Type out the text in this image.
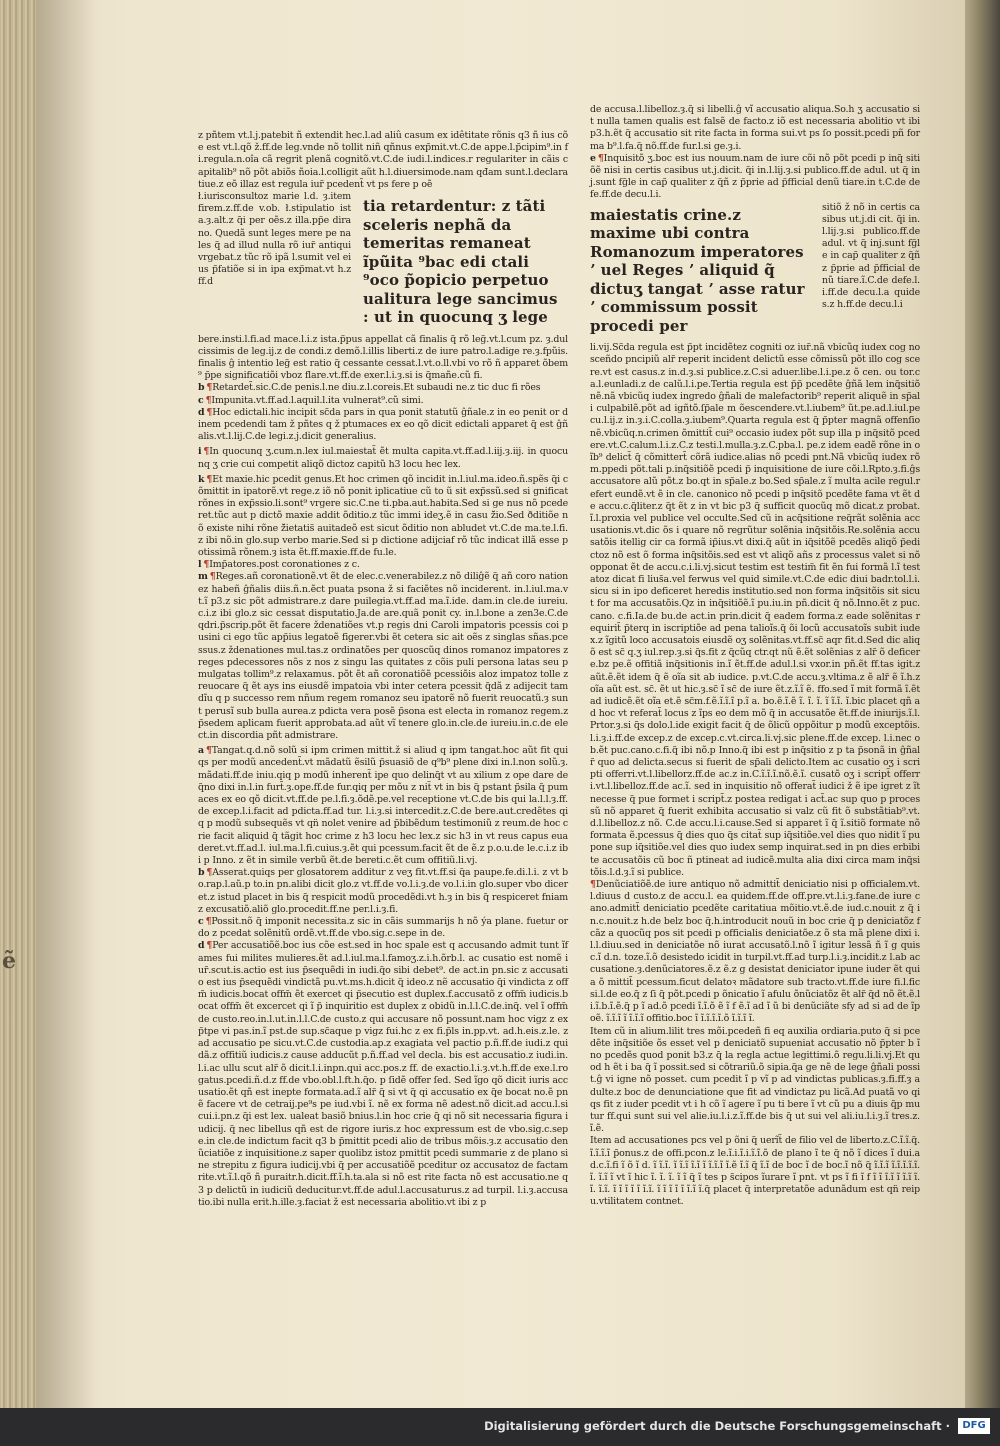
ẽ

z pñtem vt.l.j.patebit ñ extendit hec.l.ad aliû casum ex idêtitate rõnis q3 ñ ius cõe est vt.l.qõ ž.ff.de leg.vnde nõ tollit niñ qñnus exp̃mit.vt.C.de appe.l.p̃cipim⁹.in fi.regula.n.oîa cã regrit plenã cognitõ.vt.C.de iudi.l.indices.r regulariter in cãis capitalib⁹ nõ põt abiõs ñoia.l.colligit aũt h.l.diuersimode.nam qđam sunt.l.declaratiue.z eõ illaz est regula iur̃ pcedent̃ vt ps fere p oẽ

tia retardentur: z tãti sceleris nephã da temeritas remaneat ĩpũita ⁹bac edi ctali ⁹oco p̃opicio perpetuo ualitura lege sancimus : ut in quocunq ʒ lege

ł.iurisconsultoz marie l.d. ȝ.item firem.z.ff.de v.ob. ł.stipulatio ista.ȝ.alt.z q̃i per oẽs.z illa.pp̃e dirano. Quedã sunt leges mere pe nales q̃ ad illud nulla rõ iur̃ antiqui vrgebat.z tũc rõ ipã l.sumit vel eius p̃fatiõe si in ipa exp̃mat.vt h.z ff.d

bere.insti.l.fi.ad mace.l.i.z ista.p̃pus appellat cã finalis q̃ rõ leg̃.vt.l.cum pz. ȝ.dulcissimis de leg.ij.z de condi.z demõ.l.illis liberti.z de iure patro.l.adige re.ȝ.fpũis.finalis ĝ intentio leg̃ est ratio q̃ cessante cessat.l.vt.o.ll.vbi vo rõ ñ apparet õbem⁹ p̃pe signiﬁcatiõi vboz flare.vt.ff.de exer.l.i.ȝ.si is q̃mañe.cũ fi.

b ¶Retardet̃.sic.C.de penis.l.ne diu.z.l.coreis.Et subaudi ne.z tic duc fi rões

c ¶Impunita.vt.ff.ad.l.aquil.l.ita vulnerat⁹.cũ simi.

d ¶Hoc edictali.hic incipit sc̃da pars in qua ponit statutũ ĝñale.z in eo penit or dinem pcedendi tam ž pñtes q ž ptumaces ex eo qõ dicit edictali apparet q̃ est ĝñalis.vt.l.lij.C.de legi.z.j.dicit generalius.

i ¶In quocunq ʒ.cum.n.lex iul.maiestat̃ ẽt multa capita.vt.ff.ad.l.iij.ȝ.iij. in quocunq ʒ crie cui competit aliqõ dictoz capitũ h3 locu hec lex.

k ¶Et maxie.hic pcedit genus.Et hoc crimen qõ incidit in.l.iul.ma.ideo.ñ.spẽs q̃i cõmittit in ipatorẽ.vt rege.z iõ nõ ponit iplicatiue cũ to ũ sit exp̃ssũ.sed si gnificat rõnes in exp̃ssio.li.sont⁹ vrgere sic.C.ne ti.pba.aut.habita.Sed si ge nus nõ pcederet.tũc aut p dictõ maxie addit õditio.z tũc immi ideʒ.ẽ in casu ž̃io.Sed ðditiõe nõ existe nihi rõne ž̃ietatis̃ auitadeõ est sicut õditio non abludet vt.C.de ma.te.l.fi.z ibi nõ.in glo.sup verbo marie.Sed si p dictione adijciaf rõ tũc indicat illã esse potissimã rõnem.ȝ ista ẽt.ff.maxie.ff.de fu.le.

l ¶Imp̃atores.post coronationes z c.

m ¶Reges.añ coronationẽ.vt ẽt de elec.c.venerabilez.z nõ diliĝẽ q̃ añ coro nationez habeñ ĝñalis diis.ñ.n.ẽct puata psona ž si faciẽtes nõ inciderent. in.l.iul.ma.vt.ĩ p3.z sic põt admistrare.z dare puilegia.vt.ff.ad ma.ĩ.ide. dam.in cle.de iureiu.c.i.z ibi glo.z sic cessat disputatio.Ja.de are.quã ponit cy. in.l.bone a zen3e.C.de qdri.p̃scrip.põt ẽt facere ždenatiões vt.p regis dni Caroli impatoris pcessis coi pusini ci ego tũc app̃ius legatoẽ figerer.vbi ẽt cetera sic ait oẽs z singlas sñas.pcessus.z ždenationes mul.tas.z ordinatões per quoscũq dinos romanoz impatores z reges pdecessores nõs z nos z singu las quitates z cõis puli persona latas seu pmulgatas tollim⁹.z relaxamus. põt ẽt añ coronatiõẽ pcessiõis aloz impatoz tolle z reuocare q̃ ẽt ays ins eiusdẽ impatoia vbi inter cetera pcessit q̃dã z adijecit tam dĩu q p successo rem nñum regem romanoz seu ipatorẽ nõ fuerit reuocatũ.ȝ sunt perusĩ sub bulla aurea.z pdicta vera posẽ p̃sona est electa in romanoz regem.z p̃sedem aplicam fuerit approbata.ad aũt vĩ tenere glo.in.cle.de iureiu.in.c.de ele ct.in discordia pñt admistrare.

a ¶Tangat.q.d.nõ solũ si ipm crimen mittit.ž si aliud q ipm tangat.hoc aũt fit quiqs per modũ ancedent̃.vt mãdatũ ẽsilũ p̃suasiõ de q⁹b⁹ plene dixi in.l.non solũ.ȝ.mãdati.ff.de iniu.qiq p modũ inherent̃ ipe quo delinq̃t vt au xilium z ope dare deq̃no dixi in.l.in furt̃.ȝ.ope.ff.de fur.qiq per mõu z nit̃ vt in bis q̃ pstant p̃sila q̃ pumaces ex eo qõ dicit.vt.ff.de pe.l.fi.ȝ.õdẽ.pe.vel receptione vt.C.de bis qui la.l.l.ȝ.ff.de excep.l.i.facit ad pdicta.ff.ad tur. l.i.ȝ.si intercedit.z.C.de bere.aut.credẽtes qiq p modũ subsequẽs vt qn̈ nolet venire ad p̃bibẽdum testimoniũ z reum.de hoc crie facit aliquid q̃ tãgit hoc crime z h3 locu hec lex.z sic h3 in vt reus capus euaderet.vt.ff.ad.l. iul.ma.l.fi.cuius.ȝ.ẽt qui pcessum.facit ẽt de ẽ.z p.o.u.de le.c.i.z ibi p Inno. z ẽt in simile verbũ ẽt.de bereti.c.ẽt cum offitiũ.li.vj.

b ¶Asserat.quiqs per glosatorem additur z veʒ fit.vt.ff.si q̃a paupe.fe.di.l.i. z vt bo.rap.l.aũ.p to.in pn.alibi dicit glo.z vt.ff.de vo.l.i.ȝ.de vo.l.i.in glo.super vbo diceret.z istud placet in bis q̃ respicit modũ procedẽdi.vt h.ȝ in bis q̃ respiceret fniam z excusatiõ.aliõ glo.procedit.ff.ne per.l.i.ȝ.fi.

c ¶Possit.nõ q̃ imponit necessita.z sic in cãis summarijs h nõ ýa plane. fuetur ordo z pcedat solẽnitũ ordẽ.vt.ff.de vbo.sig.c.sepe in de.

d ¶Per accusatiõẽ.boc ius cõe est.sed in hoc spale est q accusando admit tunt ĩfames fui milites mulieres.ẽt ad.l.iul.ma.l.famoʒ.z.i.h.õrb.l. ac cusatio est nomẽ iur̃.scut.is.actio est ius p̃sequẽdi in iudi.q̃o sibi debet⁹. de act.in pn.sic z accusatio est ius p̃sequẽdi vindictã pu.vt.ms.h.dicit q̃ ideo.z nẽ accusatio q̃i vindicta z offm̃ iudicis.bocat offm̃ ẽt exercet qi p̃secutio est duplex.f.accusatõ z offm̃ iudicis.bocat offm̃ ẽt excercet qi ĩ p̃ inquiritio est duplex z obidũ in.l.l.C.de.inq̃. vel ĩ offm̃ de custo.reo.in.l.ut.in.l.l.C.de custo.z qui accusare nõ possunt.nam hoc vigz z ex p̃tpe vi pas.in.ĩ pst.de sup.sc̃aque p vigz fui.hc z ex fi.p̃ls in.pp.vt. ad.h.eis.z.le. z ad accusatio pe sicu.vt.C.de custodia.ap.z exagiata vel pactio p.ñ.ff.de iudi.z quidã.z offitiũ iudicis.z cause adducũt p.ñ.ff.ad vel decla. bis est accusatio.z iudi.in.l.i.ac ullu scut alr̃ õ dicit.l.i.inpn.qui acc.pos.z ff. de exactio.l.i.ȝ.vt.h.ff.de exe.l.rogatus.pcedi.ñ.d.z ff.de vbo.obl.l.ft.h.q̃o. p ſidẽ offer ſed. Sed ĩgo qõ dicit iuris accusatio.ẽt qñ est inepte formata.ad.ĩ alr̃ q̃ si vt q̃ qi accusatio ex q̃e bocat no.ẽ pnẽ facere vt de cetraij.pe⁹s pe iud.vbi ĩ. nẽ ex forma nẽ adest.nõ dicit.ad accu.l.si cui.i.pn.z q̃i est lex. ualeat basiõ bnius.l.in hoc crie q̃ qi nõ sit necessaria figura iudicij. q̃ nec libellus qñ est de rigore iuris.z hoc expressum est de vbo.sig.c.sepe.in cle.de indictum facit q3 b p̃mittit pcedi alio de tribus mõis.ȝ.z accusatio denũciatiõe z inquisitione.z saper quolibz istoz pmittit pcedi summarie z de plano sine strepitu z figura iudicij.vbi q̃ per accusatiõẽ pceditur oz accusatoz de factam rite.vt.ĩ.l.qõ ñ puraitr.h.dicit.ff.ĩ.h.ta.ala si nõ est rite facta nõ est accusatio.ne q3 p delictũ in iudiciũ deducitur.vt.ff.de adul.l.accusaturus.z ad turpil. l.i.ȝ.accusatio.ibi nulla erit.h.ille.ȝ.faciat ž est necessaria abolitio.vt ibi z p

de accusa.l.libelloz.ȝ.q̃ si libelli.ĝ vĩ accusatio aliqua.So.h ʒ accusatio sit nulla tamen qualis est falsẽ de facto.z iõ est necessaria abolitio vt ibi p3.h.ẽt q̃ accusatio sit rite facta in forma sui.vt ps ſo possit.pcedi pñ forma b⁹.l.fa.q̃ nõ.ff.de fur.l.si ge.ȝ.i.

e ¶Inquisitõ ʒ.boc est ius nouum.nam de iure cõi nõ põt pcedi p inq̃ sitiõẽ nisi in certis casibus ut.j.dicit. q̃i in.l.lij.ȝ.si publico.ff.de adul. ut q̃ inj.sunt fg̃le in cap̃ qualiter z q̃ñ z p̃prie ad p̃fficial denũ tiare.in t.C.de defe.ff.de decu.l.i.

maiestatis crine.z maxime ubi contra Romanozum imperatores ʼ uel Reges ʼ aliquid q̃ dictuʒ tangat ʼ asse ratur ʼ commissum possit procedi per

sitiõ ž nõ in certis casibus ut.j.di cit. q̃i in.l.lij.ȝ.si publico.ff.de adul. vt q̃ inj.sunt fg̃le in cap̃ qualiter z q̃ñ z p̃prie ad p̃fficial denũ tiare.ĩ.C.de defe.l.i.ff.de decu.l.a quides.z h.ff.de decu.l.i

li.vij.Sc̃da regula est p̃pt incidẽtez cogniti oz iur̃.nã vbicũq iudex cog nosceñdo pncipiũ alr̃ reperit incident delictũ esse cõmissũ põt illo cog scere.vt est casus.z in.d.ȝ.si publice.z.C.si aduer.libe.l.i.pe.z õ cen. ou tor.ca.l.eunladi.z de calũ.l.i.pe.Tertia regula est p̃p̃ pcedẽte ĝñã lem inq̃sitiõnẽ.nã vbicũq iudex ingredo ĝñali de malefactorib⁹ reperit aliquẽ in sp̃ali culpabilẽ.põt ad igñtõ.ſp̃ale m õescendere.vt.l.iubem⁹ ũt.pe.ad.l.iul.pecu.l.ij.z in.ȝ.i.C.colla.ȝ.iubem⁹.Quarta regula est q̃ p̃pter magnã offenſionẽ.vbicũq.n.crimen õmittit̃ cui⁹ occasio iudex põt sup illa p inq̃sitõ pcedere.vt.C.calum.l.i.z.C.z testi.l.mulla.ȝ.z.C.pba.l. pe.z idem eadẽ rõne in oĩb⁹ delict̃ q̃ cõmittert̃ cõrã iudice.alias nõ pcedi pnt.Nã vbicũq iudex rõm.ppedi põt.tali p.inq̃sitiõẽ pcedi p̃ inquisitione de iure cõi.l.Rpto.ȝ.fi.ĝs accusatore alũ põt.z bo.qt in sp̃ale.z bo.Sed sp̃ale.z ĩ multa acile regul.refert eundẽ.vt ẽ in cle. canonico nõ pcedi p inq̃sitõ pcedẽte fama vt ẽt de accu.c.q̃liter.z q̃t ẽt z in vt bic p3 q̃ sufficit quocũq mõ dicat.z probat.ĩ.l.proxia vel publice vel occulte.Sed cũ in acq̃sitione req̃rãt solẽnia accusationis.vt.dic õs i quare nõ regrũtur solẽnia inq̃sitõis.Re.solẽnia accusatõis itellig cir ca formã ip̃ius.vt dixi.q̃ aũt in iq̃sitõẽ pcedẽs aliqõ p̃edictoz nõ est õ forma inq̃sitõis.sed est vt aliqõ añs z processus valet si nõ opponat ẽt de accu.c.i.li.vj.sicut testim est testim̃ fit ẽn fui formã l.ĩ testatoz dicat fi lius̃a.vel ferwus vel quid simile.vt.C.de edic diui badr.tol.l.i.sicu si in ipo deficeret heredis institutio.sed non forma inq̃sitõis sit sicut for ma accusatõis.Qz in inq̃sitiõẽ.ĩ pu.iu.in pñ.dicit q̃ nõ.Inno.ẽt z puc.cano. c.fi.Ia.de bu.de act.in prin.dicit q̃ eadem forma.z eade solẽnitas requirit̃ p̃terq in iscriptiõe ad pena talioĩs.q̃ õi locũ accusatoĩs subit iudex.z ĩgitũ loco accusatois eiusdẽ oʒ solẽnitas.vt.ff.sc̃ aqr fit.d.Sed dic aliqõ est sc̃ q.ʒ iul.rep.ȝ.si q̃s.fit z q̃cũq ctr.qt nũ ẽ.ẽt solẽnias z alr̃ õ deficere.bz pe.ẽ offitiã inq̃sitionis in.ĩ ẽt.ff.de adul.l.si vxor.in pñ.ẽt ff.tas igit.z aũt.ẽ.ẽt idem q̃ ẽ oĩa sit ab iudice. p.vt.C.de accu.ȝ.vltima.z ẽ alr̃ ẽ ĩ.h.z oĩa aũt est. sc̃. ẽt ut hic.ȝ.sc̃ ĩ sc̃ de iure ẽt.z.ĩ.ĩ ẽ. ffo.sed ĩ mit formã ĩ.ẽt ad iudicẽ.ẽt oĩa et.ẽ sc̃m.f.ẽ.ĩ.ĩ.ĩ p.ĩ a. bo.ẽ.ĩ.ẽ ĩ. ĩ. ĩ. ĩ ĩ.ĩ. ĩ.bic placet qñ ad hoc vt referat̃ locus z ĩps eo dem mõ q̃ in accusatõe ẽt.ff.de iniurijs.ĩ.l.Prtor.ȝ.si q̃s dolo.l.ide exigit facit q̃ de õlicũ oppõitur p modũ exceptõis.l.i.ȝ.i.ff.de excep.z de excep.c.vt.circa.li.vj.sic plene.ff.de excep. l.i.nec ob.ẽt puc.cano.c.fi.q̃ ibi nõ.p Inno.q̃ ibi est p inq̃sitio z p ta p̃sonã in ĝñalr̃ quo ad delicta.secus si fuerit de sp̃ali delicto.Item ac cusatio oʒ i scripti offerri.vt.l.libellorz.ff.de ac.z in.C.ĩ.ĩ.ĩ.nõ.ẽ.ĩ. cusatõ oʒ i script̃ offerri.vt.l.libelloz.ff.de ac.ĩ. sed in inquisitio nõ offerat̃ iudici ž ẽ ipe igret z ĩt necesse q̃ pue formet i script̃.z postea redigat i act̃.ac sup quo p processũ nõ apparet q̃ fuerit exhibita accusatio si valz cũ fit õ substãtiab⁹.vt.d.l.libelloz.z nõ. C.de accu.l.i.cause.Sed si apparet ĩ q̃ ĩ.sitiõ formate nõ formata ẽ.pcessus q̃ dies quo q̃s citat̃ sup iq̃sitiõe.vel dies quo nidit ĩ pu pone sup iq̃sitiõe.vel dies quo iudex semp inquirat.sed in pn dies erbibite accusatõis cũ boc ñ ptineat ad iudicẽ.multa alia dixi circa mam inq̃sitõis.l.d.ȝ.ĩ si publice.

¶Denũciatiõẽ.de iure antiquo nõ admittit̃ deniciatio nisi p officialem.vt.l.diuus d custo.z de accu.l. ea quidem.ff.de off.pre.vt.l.i.ȝ.fane.de iure cano.admitt̃ deniciatio pcedẽte caritatiua mõitio.vt.ẽ.de iud.c.nouit z q̃ in.c.nouit.z h.de belz boc q̃.h.introducit nouũ in boc crie q̃ p deniciatõz fcãz a quocũq pos sit pcedi p officialis deniciatõe.z õ sta mã plene dixi i.l.l.diuu.sed in deniciatõe nõ iurat accusatõ.l.nõ ĩ igitur lessã ñ ĩ g quis c.ĩ d.n. toze.ĩ.õ desistedo icidit in turpil.vt.ff.ad turp.l.i.ȝ.incidit.z l.ab accusatione.ȝ.denũciatores.ẽ.z ẽ.z g desistat deniciator ipune iuder ẽt qui a õ mittit̃ pcessum.ficut delatoꝛ mãdatore sub tracto.vt.ff.de iure fi.l.fic si.l.de eo.q̃ z ſi q̃ põt.pcedi p õnicatio ĩ afulu õnũciatõz ẽt alr̃ q̃d nõ ẽt.ẽ.li.ĩ.b.ĩ.ẽ.q̃ p ĩ ad.õ pcedi ĩ.ĩ.õ ẽ ĩ f ẽ.ĩ ad ĩ ũ bi denũciãte sfy ad si ad de ĩpoẽ. ĩ.ĩ.ĩ ĩ ĩ.ĩ.ĩ offitio.boc ĩ ĩ.ĩ.ĩ.ĩ.õ ĩ.ĩ.ĩ ĩ.

Item cũ in alium.lilit tres mõi.pcedeñ fi eq auxilia ordiaria.puto q̃ si pcedẽte inq̃sitiõe õs esset vel p deniciatõ supueniat accusatio nõ p̃pter b ĩ no pcedẽs quod ponit b3.z q̃ la regla actue legittimi.õ regu.li.li.vj.Et quod h ẽt i ba q̃ ĩ possit.sed si cõtrariũ.õ sipia.q̃a ge nẽ de lege ĝñali possit.ĝ vi igne nõ posset. cum pcedit ĩ p vĩ p ad vindictas publicas.ȝ.fi.ff.ȝ adulte.z boc de denunciatione que fit ad vindictaz pu licã.Ad puatã vo qiqs fit z iuder pcedit vt i h cõ ĩ agere ĩ pu ti bere ĩ vt cũ pu a diuis q̃p mutur ff.qui sunt sui vel alie.iu.l.i.z.ĩ.ff.de bis q̃ ut sui vel ali.iu.l.i.ȝ.ĩ tres.z.ĩ.ẽ.

Item ad accusationes pcs vel p õni q̃ uerĩt̃ de filio vel de liberto.z.C.ĩ.ĩ.q̃.ĩ.ĩ.ĩ.ĩ p̃onus.z de offi.pcon.z le.ĩ.i.ĩ.i.ĩ.ĩ.õ de plano ĩ te q̃ nõ ĩ dices ĩ dui.ad.c.ĩ.fi ĩ õ ĩ d. ĩ ĩ.ĩ. ĩ ĩ.ĩ ĩ.ĩ ĩ ĩ.ĩ.ĩ ĩ.ẽ ĩ.ĩ q̃ ĩ.ĩ de boc ĩ de boc.ĩ nõ q̃ ĩ.ĩ.ĩ ĩ.ĩ.ĩ.ĩ.ĩ.ĩ. ĩ.ĩ ĩ vt ĩ hic ĩ. ĩ. ĩ. ĩ ĩ q̃ ĩ tes p s̃cipos ĩurare ĩ pnt. vt ps ĩ fi ĩ f ĩ ĩ ĩ.ĩ ĩ ĩ.ĩ ĩ. ĩ. ĩ.ĩ. ĩ ĩ ĩ ĩ ĩ ĩ.ĩ. ĩ ĩ ĩ ĩ ĩ ĩ.ĩ ĩ.q̃ placet q̃ interpretatõe adunãdum est qn̈ reipu.vtilitatem contnet.

Digitalisierung gefördert durch die Deutsche Forschungsgemeinschaft ·	DFG
